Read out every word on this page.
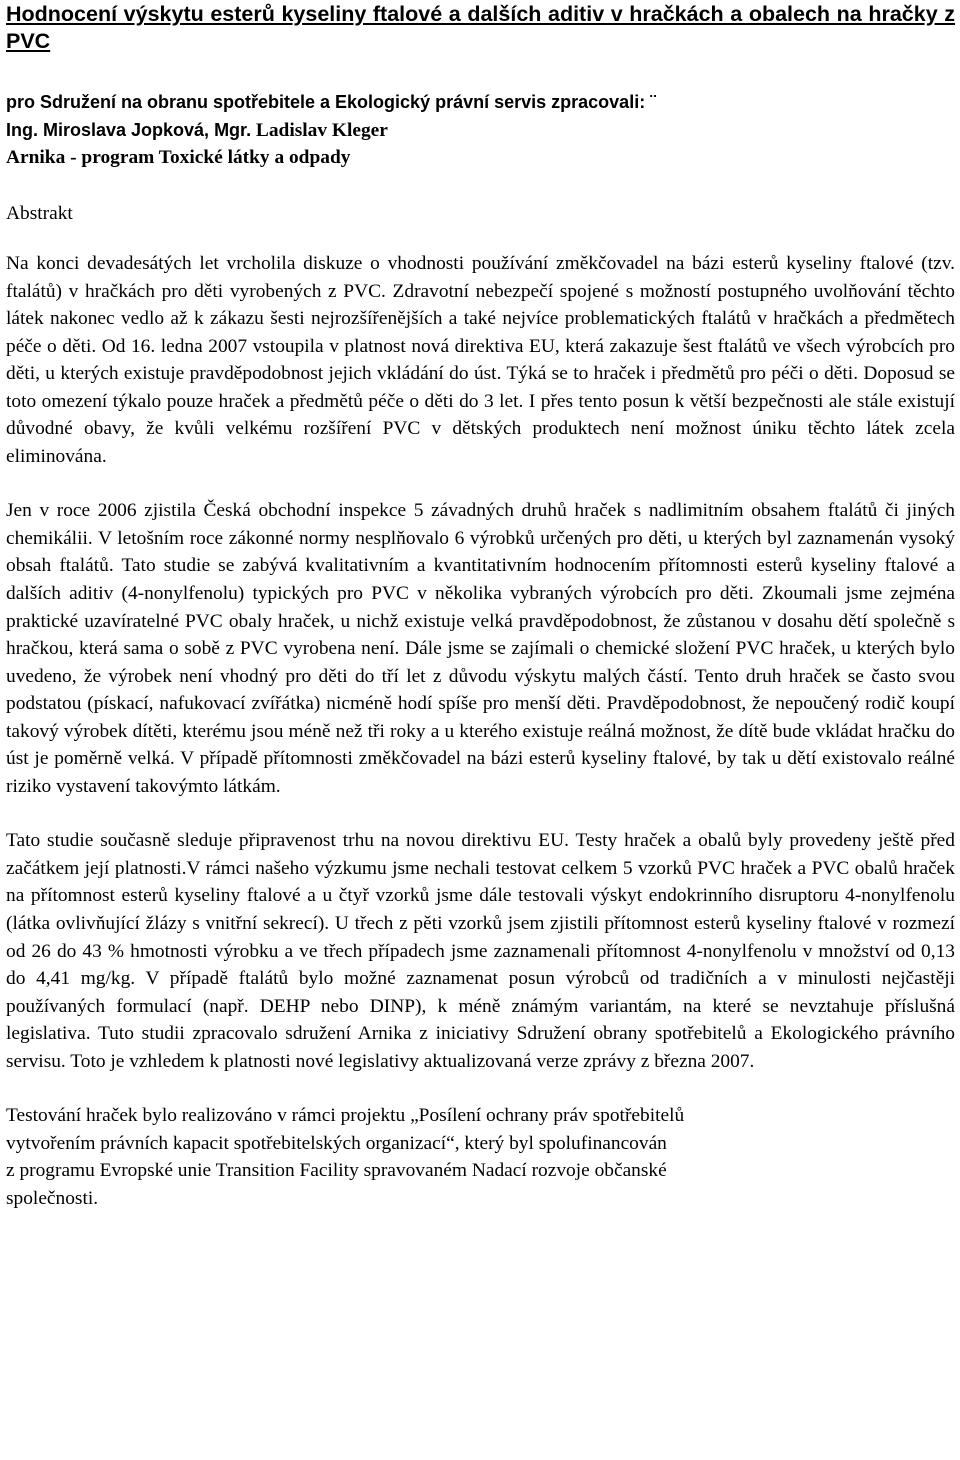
Hodnocení výskytu esterů kyseliny ftalové a dalších aditiv v hračkách a obalech na hračky z PVC
pro Sdružení na obranu spotřebitele a Ekologický právní servis zpracovali: ¨
Ing. Miroslava Jopková, Mgr. Ladislav Kleger
Arnika - program Toxické látky a odpady
Abstrakt

Na konci devadesátých let vrcholila diskuze o vhodnosti používání změkčovadel na bázi esterů kyseliny ftalové (tzv. ftalátů) v hračkách pro děti vyrobených z PVC. Zdravotní nebezpečí spojené s možností postupného uvolňování těchto látek nakonec vedlo až k zákazu šesti nejrozšířenějších a také nejvíce problematických ftalátů v hračkách a předmětech péče o děti. Od 16. ledna 2007 vstoupila v platnost nová direktiva EU, která zakazuje šest ftalátů ve všech výrobcích pro děti, u kterých existuje pravděpodobnost jejich vkládání do úst. Týká se to hraček i předmětů pro péči o děti. Doposud se toto omezení týkalo pouze hraček a předmětů péče o děti do 3 let. I přes tento posun k větší bezpečnosti ale stále existují důvodné obavy, že kvůli velkému rozšíření PVC v dětských produktech není možnost úniku těchto látek zcela eliminována.

Jen v roce 2006 zjistila Česká obchodní inspekce 5 závadných druhů hraček s nadlimitním obsahem ftalátů či jiných chemikálii. V letošním roce zákonné normy nesplňovalo 6 výrobků určených pro děti, u kterých byl zaznamenán vysoký obsah ftalátů. Tato studie se zabývá kvalitativním a kvantitativním hodnocením přítomnosti esterů kyseliny ftalové a dalších aditiv (4-nonylfenolu) typických pro PVC v několika vybraných výrobcích pro děti. Zkoumali jsme zejména praktické uzavíratelné PVC obaly hraček, u nichž existuje velká pravděpodobnost, že zůstanou v dosahu dětí společně s hračkou, která sama o sobě z PVC vyrobena není. Dále jsme se zajímali o chemické složení PVC hraček, u kterých bylo uvedeno, že výrobek není vhodný pro děti do tří let z důvodu výskytu malých částí. Tento druh hraček se často svou podstatou (pískací, nafukovací zvířátka) nicméně hodí spíše pro menší děti. Pravděpodobnost, že nepoučený rodič koupí takový výrobek dítěti, kterému jsou méně než tři roky a u kterého existuje reálná možnost, že dítě bude vkládat hračku do úst je poměrně velká. V případě přítomnosti změkčovadel na bázi esterů kyseliny ftalové, by tak u dětí existovalo reálné riziko vystavení takovýmto látkám.

Tato studie současně sleduje připravenost trhu na novou direktivu EU. Testy hraček a obalů byly provedeny ještě před začátkem její platnosti.V rámci našeho výzkumu jsme nechali testovat celkem 5 vzorků PVC hraček a PVC obalů hraček na přítomnost esterů kyseliny ftalové a u čtyř vzorků jsme dále testovali výskyt endokrinního disruptoru 4-nonylfenolu (látka ovlivňující žlázy s vnitřní sekrecí). U třech z pěti vzorků jsem zjistili přítomnost esterů kyseliny ftalové v rozmezí od 26 do 43 % hmotnosti výrobku a ve třech případech jsme zaznamenali přítomnost 4-nonylfenolu v množství od 0,13 do 4,41 mg/kg. V případě ftalátů bylo možné zaznamenat posun výrobců od tradičních a v minulosti nejčastěji používaných formulací (např. DEHP nebo DINP), k méně známým variantám, na které se nevztahuje příslušná legislativa. Tuto studii zpracovalo sdružení Arnika z iniciativy Sdružení obrany spotřebitelů a Ekologického právního servisu. Toto je vzhledem k platnosti nové legislativy aktualizovaná verze zprávy z března 2007.

Testování hraček bylo realizováno v rámci projektu „Posílení ochrany práv spotřebitelů
vytvořením právních kapacit spotřebitelských organizací“, který byl spolufinancován
z programu Evropské unie Transition Facility spravovaném Nadací rozvoje občanské
společnosti.
